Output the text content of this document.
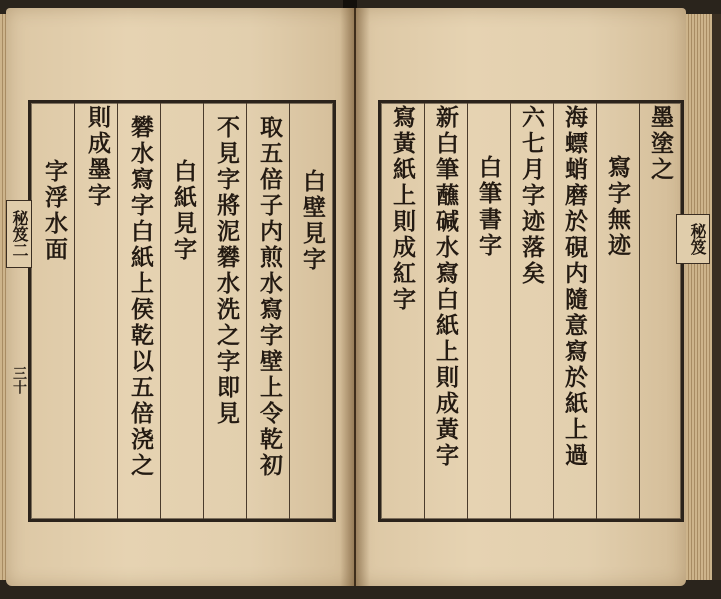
白壁見字
取五倍子内煎水寫字壁上令乾初
不見字將泥礬水洗之字即見
白紙見字
礬水寫字白紙上侯乾以五倍浇之
則成墨字
字浮水面
墨塗之
寫字無迹
海螵蛸磨於硯内隨意寫於紙上過
六七月字迹落矣
白筆書字
新白筆蘸碱水寫白紙上則成黃字
寫黃紙上則成紅字
秘笈二
三十
秘笈
